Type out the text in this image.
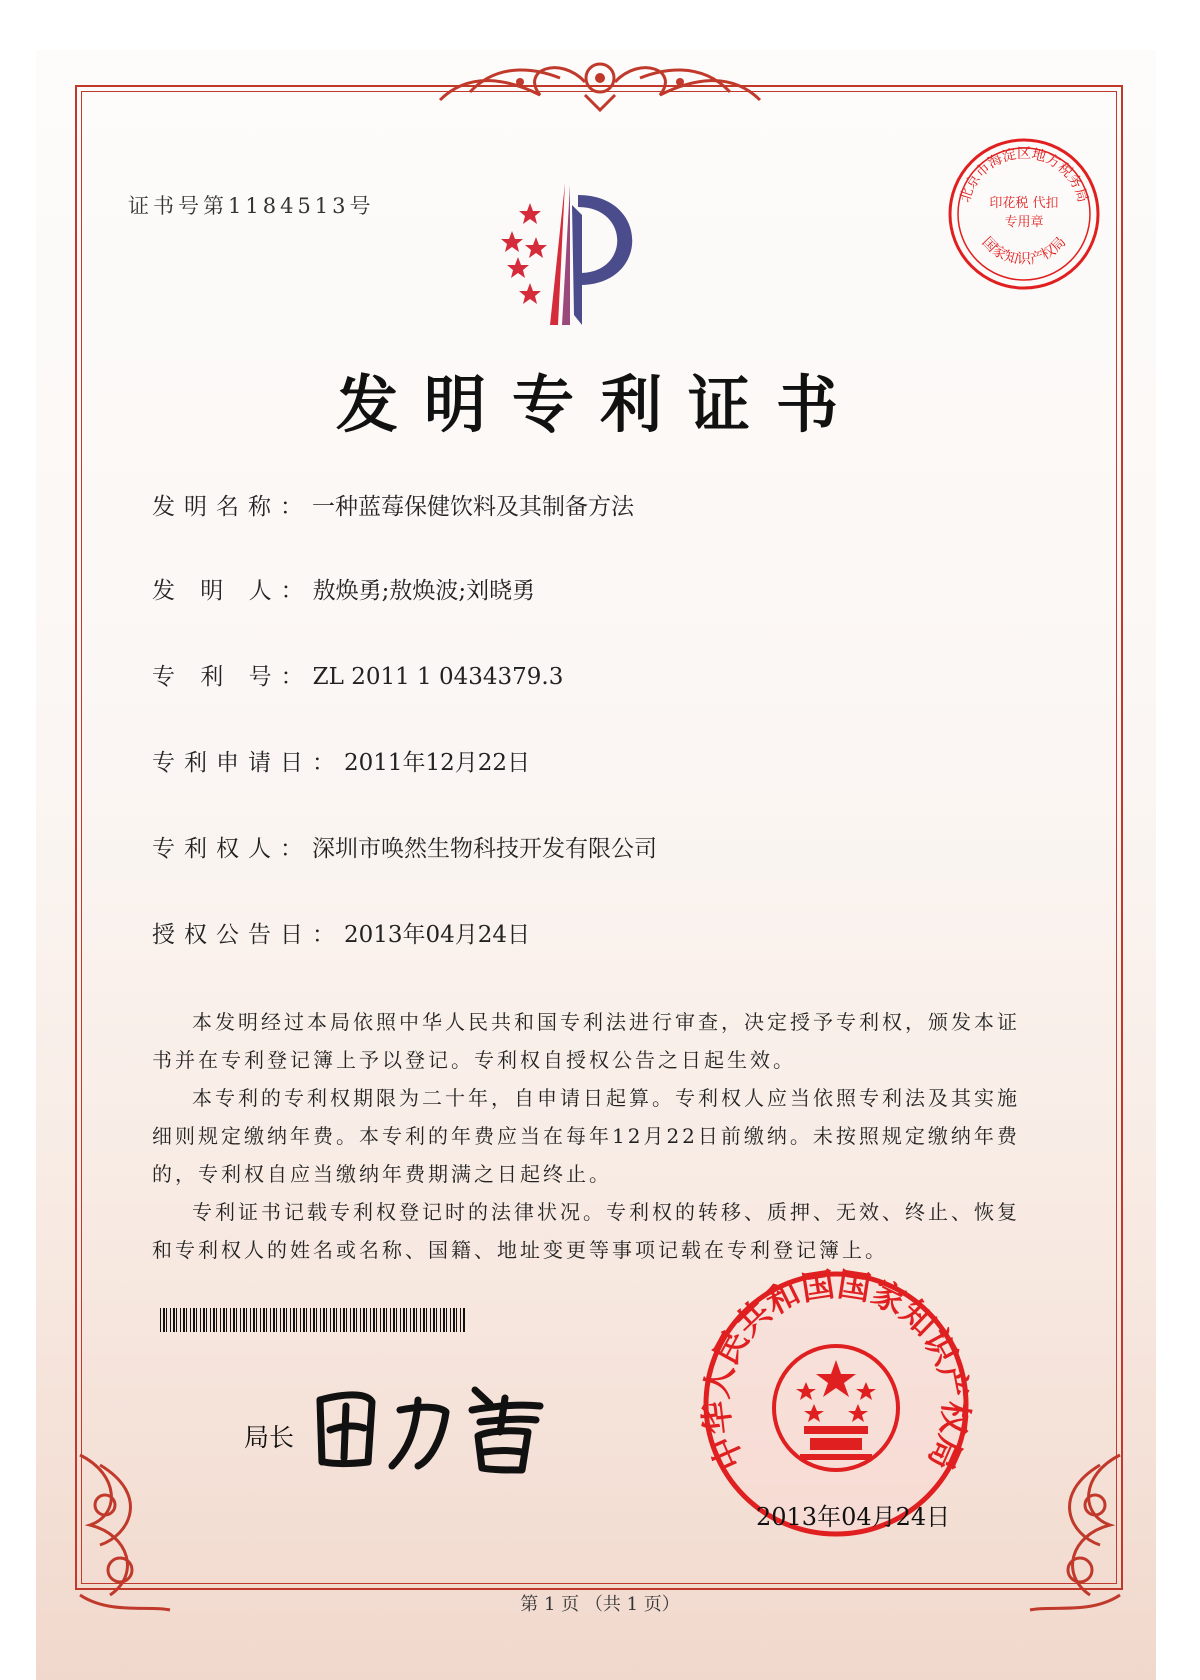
证书号第1184513号	北京市海淀区地方税务局
国家知识产权局
印花税 代扣专用章
发明专利证书
发明名称：一种蓝莓保健饮料及其制备方法
发 明 人：敖焕勇;敖焕波;刘晓勇
专 利 号：ZL 2011 1 0434379.3
专利申请日：2011年12月22日
专利权人：深圳市唤然生物科技开发有限公司
授权公告日：2013年04月24日

本发明经过本局依照中华人民共和国专利法进行审查，决定授予专利权，颁发本证书并在专利登记簿上予以登记。专利权自授权公告之日起生效。

本专利的专利权期限为二十年，自申请日起算。专利权人应当依照专利法及其实施细则规定缴纳年费。本专利的年费应当在每年12月22日前缴纳。未按照规定缴纳年费的，专利权自应当缴纳年费期满之日起终止。

专利证书记载专利权登记时的法律状况。专利权的转移、质押、无效、终止、恢复和专利权人的姓名或名称、国籍、地址变更等事项记载在专利登记簿上。

局长	中华人民共和国国家知识产权局
2013年04月24日
第 1 页 （共 1 页）
